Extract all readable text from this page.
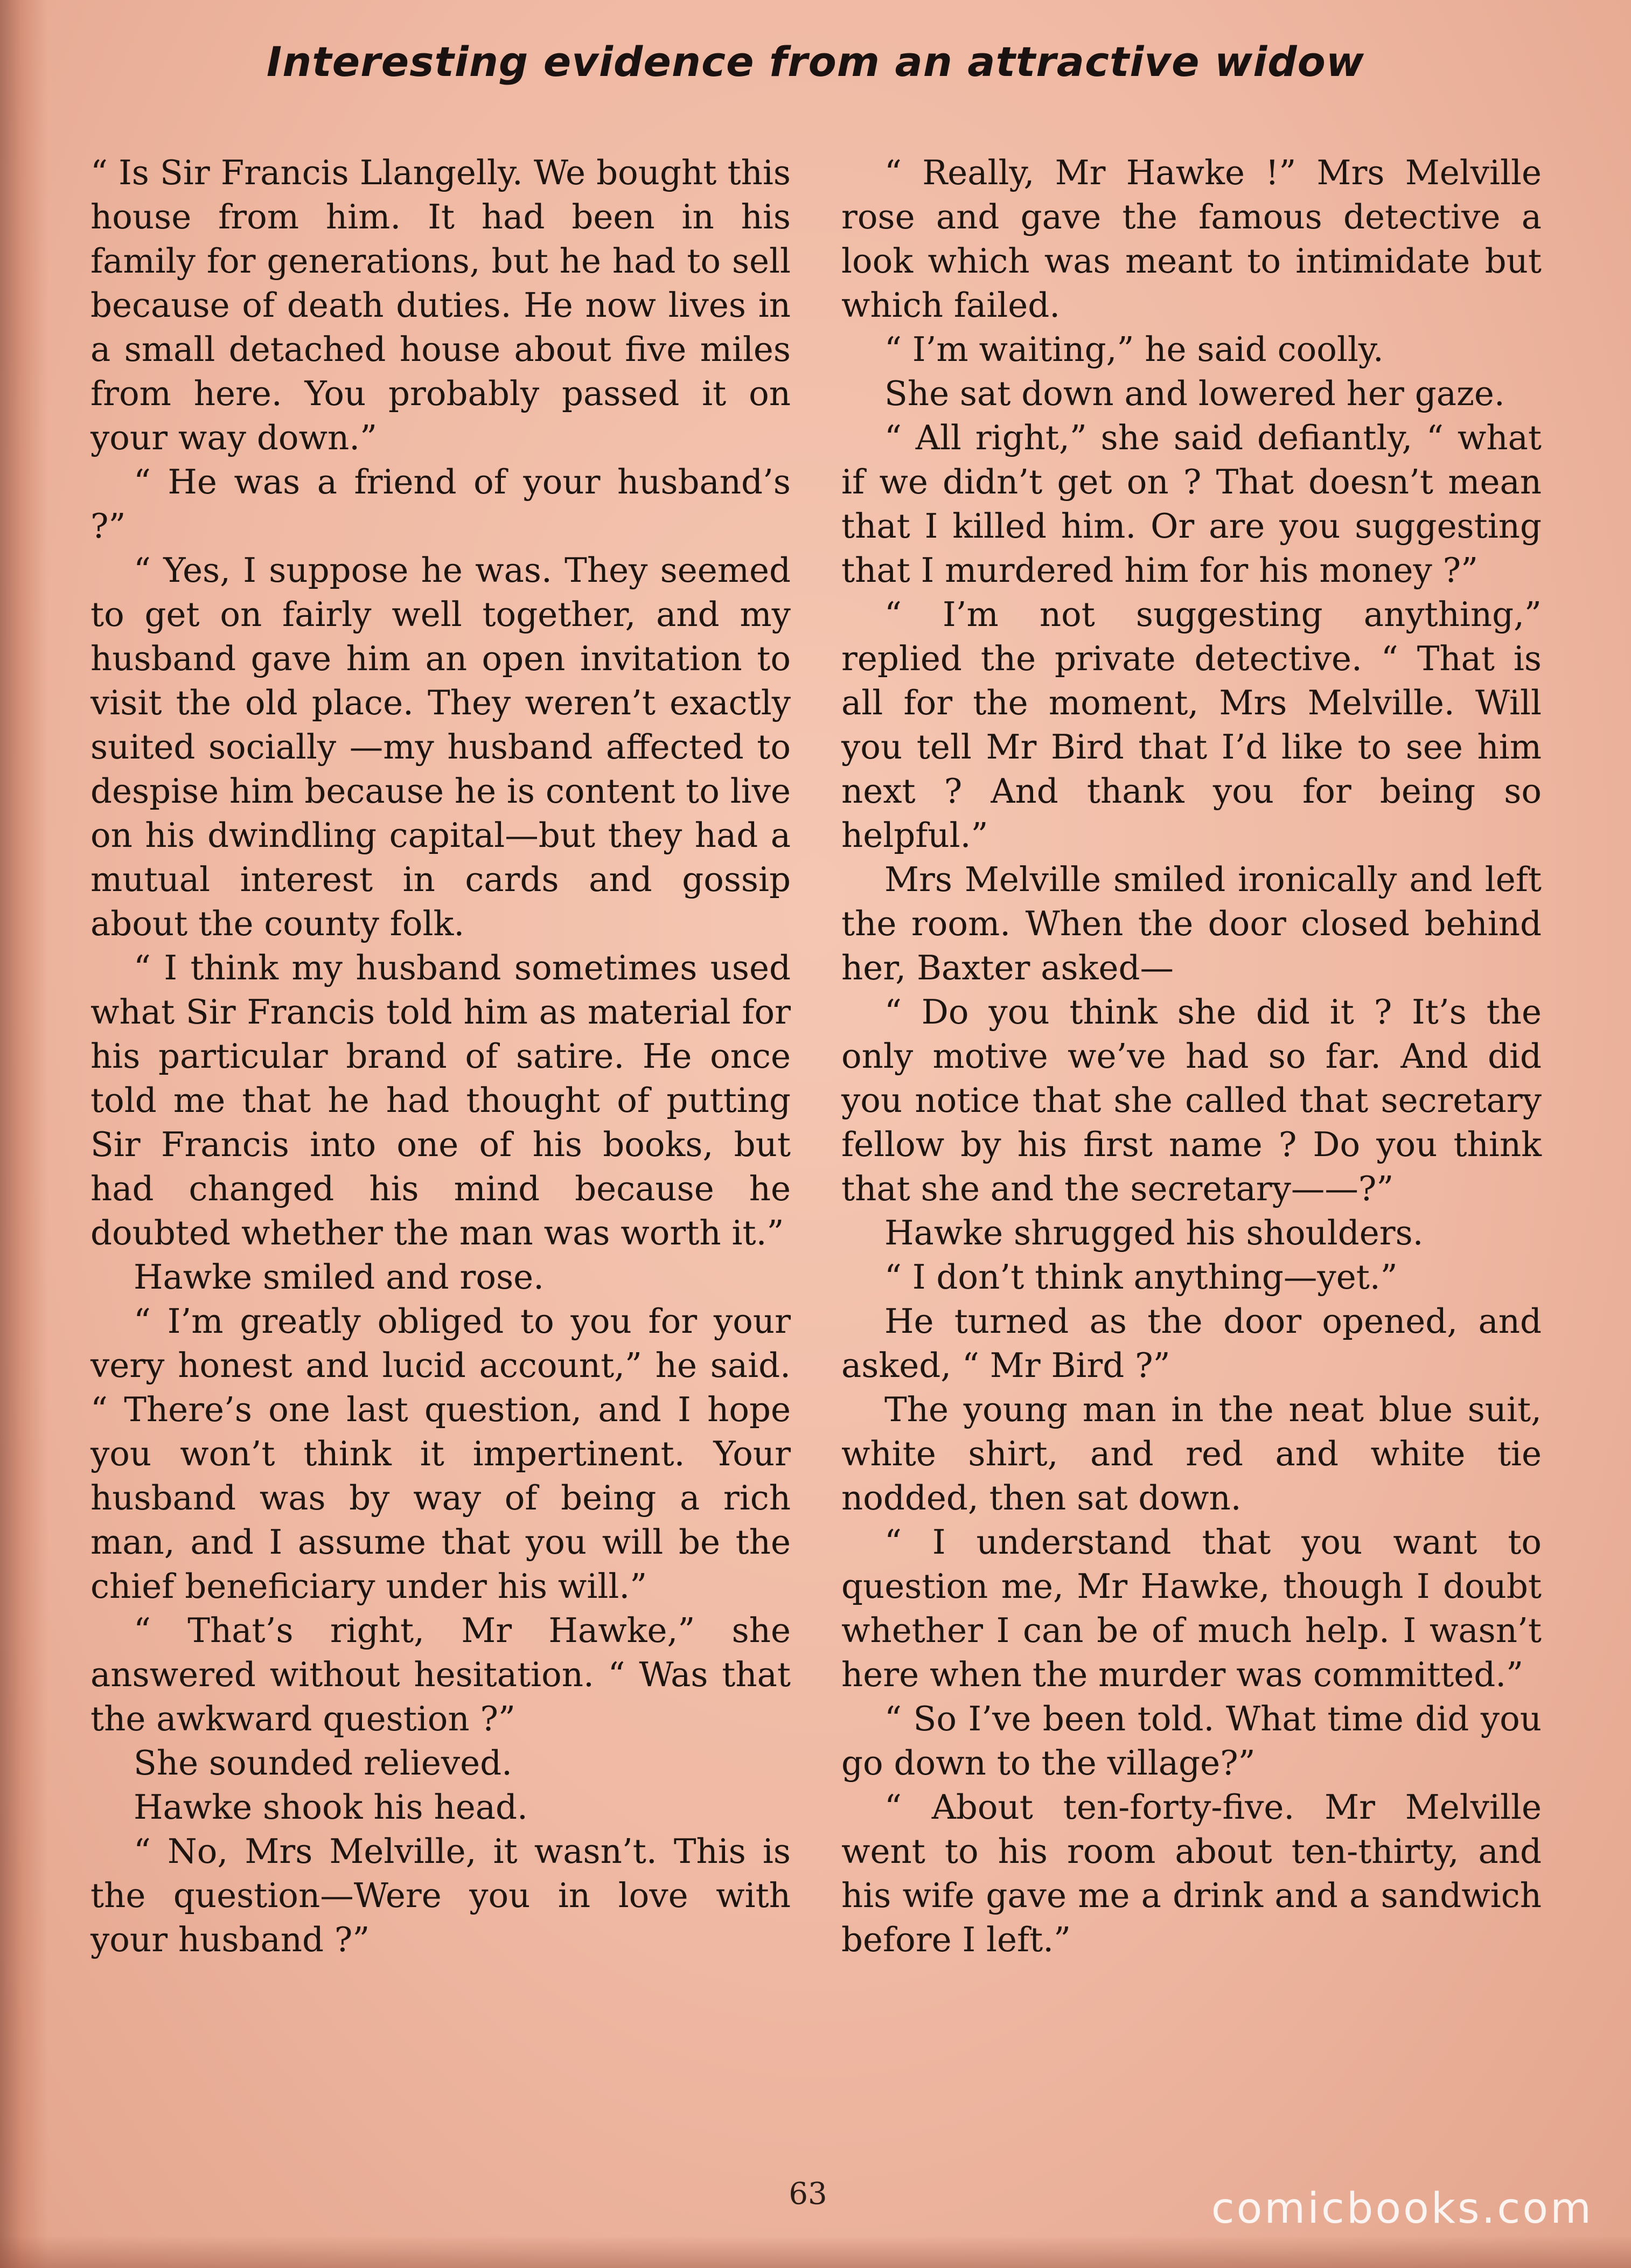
Interesting evidence from an attractive widow

“ Is Sir Francis Llangelly. We bought this house from him. It had been in his family for generations, but he had to sell because of death duties. He now lives in a small detached house about five miles from here. You probably passed it on your way down.”

“ He was a friend of your husband’s ?”

“ Yes, I suppose he was. They seemed to get on fairly well together, and my husband gave him an open invitation to visit the old place. They weren’t exactly suited socially —my husband affected to despise him because he is content to live on his dwindling capital—but they had a mutual interest in cards and gossip about the county folk.

“ I think my husband sometimes used what Sir Francis told him as material for his particular brand of satire. He once told me that he had thought of putting Sir Francis into one of his books, but had changed his mind because he doubted whether the man was worth it.”

Hawke smiled and rose.

“ I’m greatly obliged to you for your very honest and lucid account,” he said. “ There’s one last question, and I hope you won’t think it impertinent. Your husband was by way of being a rich man, and I assume that you will be the chief beneficiary under his will.”

“ That’s right, Mr Hawke,” she answered without hesitation. “ Was that the awkward question ?”

She sounded relieved.

Hawke shook his head.

“ No, Mrs Melville, it wasn’t. This is the question—Were you in love with your husband ?”

“ Really, Mr Hawke !” Mrs Melville rose and gave the famous detective a look which was meant to intimidate but which failed.

“ I’m waiting,” he said coolly.

She sat down and lowered her gaze.

“ All right,” she said defiantly, “ what if we didn’t get on ? That doesn’t mean that I killed him. Or are you suggesting that I murdered him for his money ?”

“ I’m not suggesting anything,” replied the private detective. “ That is all for the moment, Mrs Melville. Will you tell Mr Bird that I’d like to see him next ? And thank you for being so helpful.”

Mrs Melville smiled ironically and left the room. When the door closed behind her, Baxter asked—

“ Do you think she did it ? It’s the only motive we’ve had so far. And did you notice that she called that secretary fellow by his first name ? Do you think that she and the secretary——?”

Hawke shrugged his shoulders.

“ I don’t think anything—yet.”

He turned as the door opened, and asked, “ Mr Bird ?”

The young man in the neat blue suit, white shirt, and red and white tie nodded, then sat down.

“ I understand that you want to question me, Mr Hawke, though I doubt whether I can be of much help. I wasn’t here when the murder was committed.”

“ So I’ve been told. What time did you go down to the village?”

“ About ten-forty-five. Mr Melville went to his room about ten-thirty, and his wife gave me a drink and a sandwich before I left.”

63	comicbooks.com
